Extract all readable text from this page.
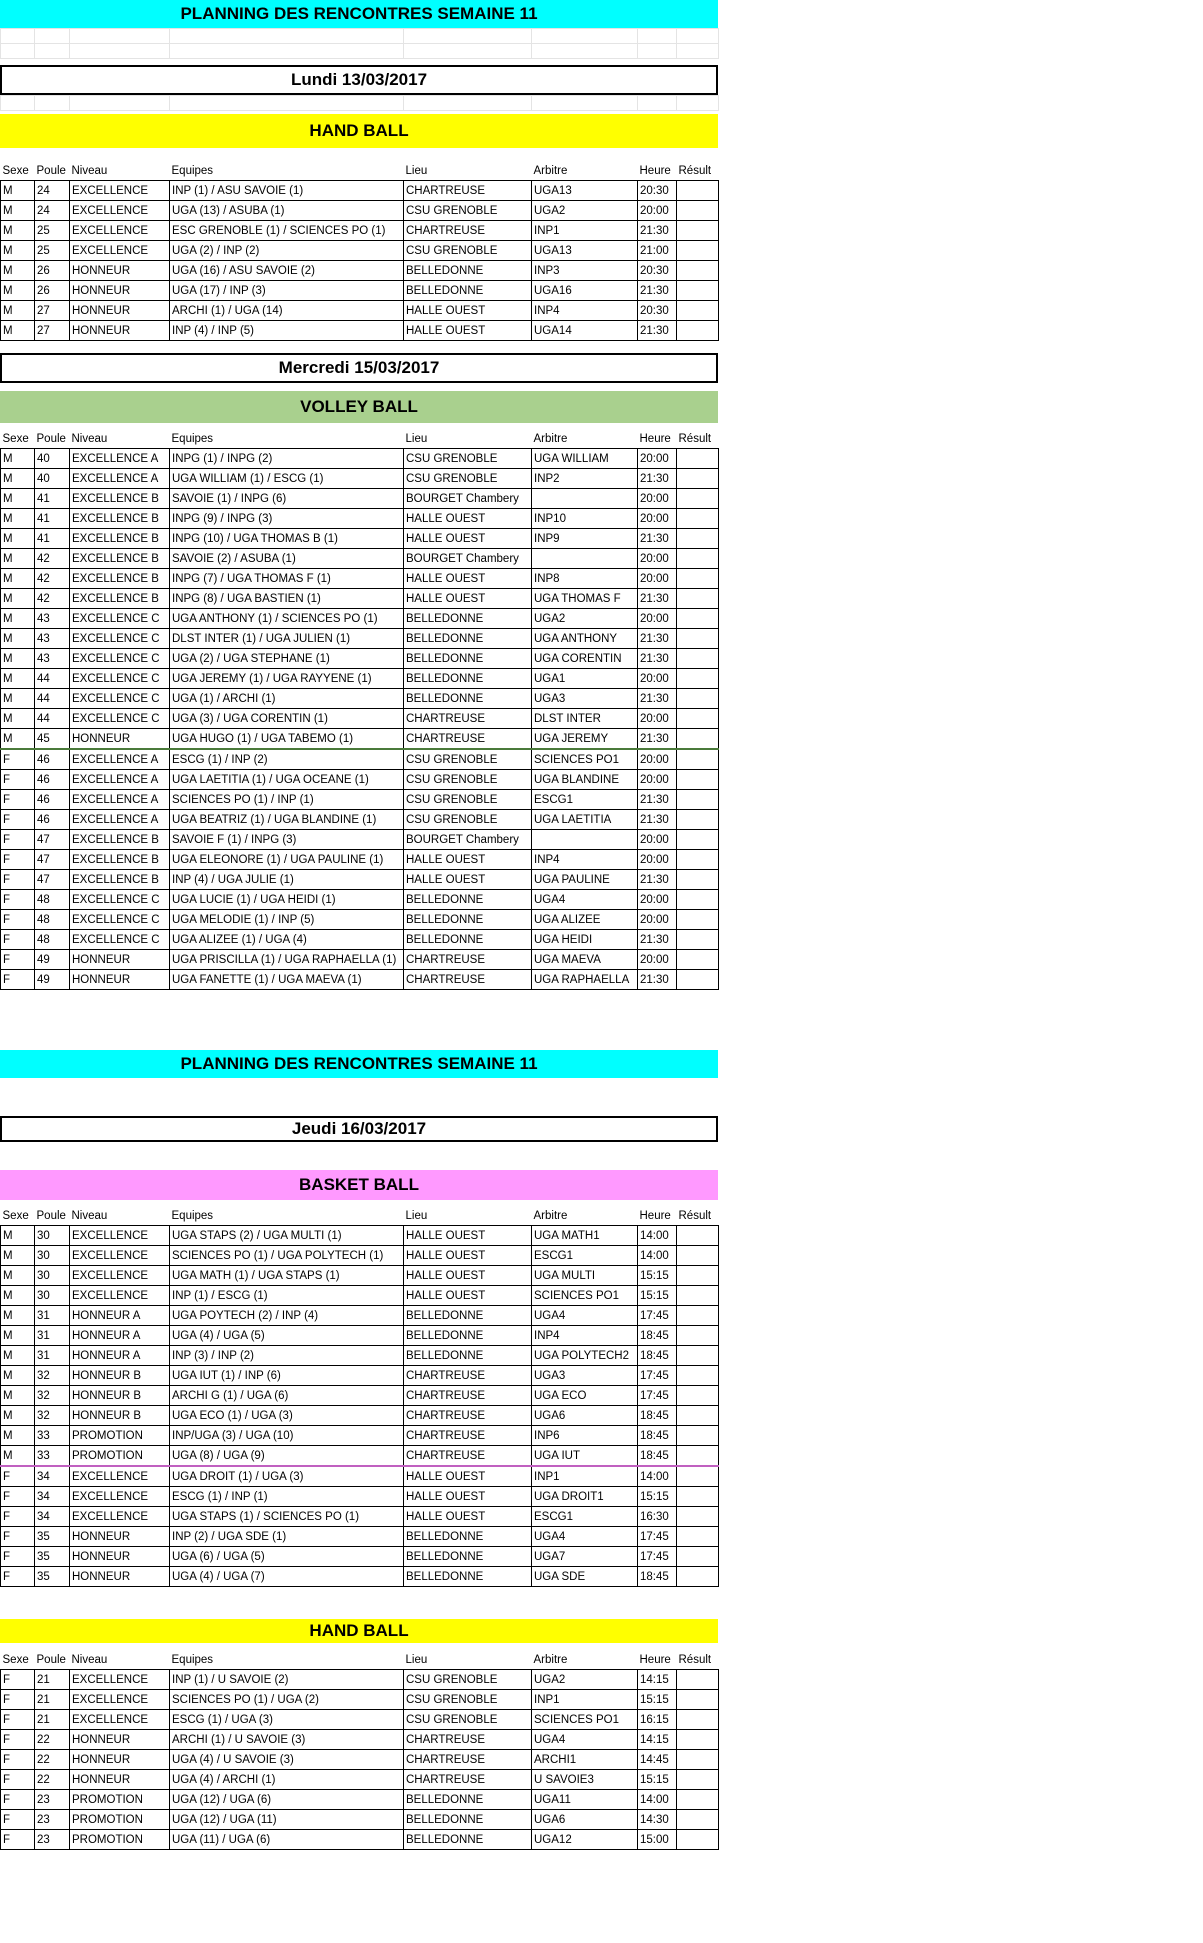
PLANNING DES RENCONTRES SEMAINE 11

Lundi 13/03/2017

HAND BALL
Sexe	Poule	Niveau	Equipes	Lieu	Arbitre	Heure	Résult
M	24	EXCELLENCE	INP (1) / ASU SAVOIE (1)	CHARTREUSE	UGA13	20:30	
M	24	EXCELLENCE	UGA (13) / ASUBA (1)	CSU GRENOBLE	UGA2	20:00	
M	25	EXCELLENCE	ESC GRENOBLE (1) / SCIENCES PO (1)	CHARTREUSE	INP1	21:30	
M	25	EXCELLENCE	UGA (2) / INP (2)	CSU GRENOBLE	UGA13	21:00	
M	26	HONNEUR	UGA (16) / ASU SAVOIE (2)	BELLEDONNE	INP3	20:30	
M	26	HONNEUR	UGA (17) / INP (3)	BELLEDONNE	UGA16	21:30	
M	27	HONNEUR	ARCHI (1) / UGA (14)	HALLE OUEST	INP4	20:30	
M	27	HONNEUR	INP (4) / INP (5)	HALLE OUEST	UGA14	21:30	
Mercredi 15/03/2017
VOLLEY BALL
Sexe	Poule	Niveau	Equipes	Lieu	Arbitre	Heure	Résult
M	40	EXCELLENCE A	INPG (1) / INPG (2)	CSU GRENOBLE	UGA WILLIAM	20:00	
M	40	EXCELLENCE A	UGA WILLIAM (1) / ESCG (1)	CSU GRENOBLE	INP2	21:30	
M	41	EXCELLENCE B	SAVOIE (1) / INPG (6)	BOURGET Chambery		20:00	
M	41	EXCELLENCE B	INPG (9) / INPG (3)	HALLE OUEST	INP10	20:00	
M	41	EXCELLENCE B	INPG (10) / UGA THOMAS B (1)	HALLE OUEST	INP9	21:30	
M	42	EXCELLENCE B	SAVOIE (2) / ASUBA (1)	BOURGET Chambery		20:00	
M	42	EXCELLENCE B	INPG (7) / UGA THOMAS F (1)	HALLE OUEST	INP8	20:00	
M	42	EXCELLENCE B	INPG (8) / UGA BASTIEN (1)	HALLE OUEST	UGA THOMAS F	21:30	
M	43	EXCELLENCE C	UGA ANTHONY (1) / SCIENCES PO (1)	BELLEDONNE	UGA2	20:00	
M	43	EXCELLENCE C	DLST INTER (1) / UGA JULIEN (1)	BELLEDONNE	UGA ANTHONY	21:30	
M	43	EXCELLENCE C	UGA (2) / UGA STEPHANE (1)	BELLEDONNE	UGA CORENTIN	21:30	
M	44	EXCELLENCE C	UGA JEREMY (1) / UGA RAYYENE (1)	BELLEDONNE	UGA1	20:00	
M	44	EXCELLENCE C	UGA (1) / ARCHI (1)	BELLEDONNE	UGA3	21:30	
M	44	EXCELLENCE C	UGA (3) / UGA CORENTIN (1)	CHARTREUSE	DLST INTER	20:00	
M	45	HONNEUR	UGA HUGO (1) / UGA TABEMO (1)	CHARTREUSE	UGA JEREMY	21:30	
F	46	EXCELLENCE A	ESCG (1) / INP (2)	CSU GRENOBLE	SCIENCES PO1	20:00	
F	46	EXCELLENCE A	UGA LAETITIA (1) / UGA OCEANE (1)	CSU GRENOBLE	UGA BLANDINE	20:00	
F	46	EXCELLENCE A	SCIENCES PO (1) / INP (1)	CSU GRENOBLE	ESCG1	21:30	
F	46	EXCELLENCE A	UGA BEATRIZ (1) / UGA BLANDINE (1)	CSU GRENOBLE	UGA LAETITIA	21:30	
F	47	EXCELLENCE B	SAVOIE F (1) / INPG (3)	BOURGET Chambery		20:00	
F	47	EXCELLENCE B	UGA ELEONORE (1) / UGA PAULINE (1)	HALLE OUEST	INP4	20:00	
F	47	EXCELLENCE B	INP (4) / UGA JULIE (1)	HALLE OUEST	UGA PAULINE	21:30	
F	48	EXCELLENCE C	UGA LUCIE (1) / UGA HEIDI (1)	BELLEDONNE	UGA4	20:00	
F	48	EXCELLENCE C	UGA MELODIE (1) / INP (5)	BELLEDONNE	UGA ALIZEE	20:00	
F	48	EXCELLENCE C	UGA ALIZEE (1) / UGA (4)	BELLEDONNE	UGA HEIDI	21:30	
F	49	HONNEUR	UGA PRISCILLA (1) / UGA RAPHAELLA (1)	CHARTREUSE	UGA MAEVA	20:00	
F	49	HONNEUR	UGA FANETTE (1) / UGA MAEVA (1)	CHARTREUSE	UGA RAPHAELLA	21:30	
PLANNING DES RENCONTRES SEMAINE 11
Jeudi 16/03/2017
BASKET BALL
Sexe	Poule	Niveau	Equipes	Lieu	Arbitre	Heure	Résult
M	30	EXCELLENCE	UGA STAPS (2) / UGA MULTI (1)	HALLE OUEST	UGA MATH1	14:00	
M	30	EXCELLENCE	SCIENCES PO (1) / UGA POLYTECH (1)	HALLE OUEST	ESCG1	14:00	
M	30	EXCELLENCE	UGA MATH (1) / UGA STAPS (1)	HALLE OUEST	UGA MULTI	15:15	
M	30	EXCELLENCE	INP (1) / ESCG (1)	HALLE OUEST	SCIENCES PO1	15:15	
M	31	HONNEUR A	UGA POYTECH (2) / INP (4)	BELLEDONNE	UGA4	17:45	
M	31	HONNEUR A	UGA (4) / UGA (5)	BELLEDONNE	INP4	18:45	
M	31	HONNEUR A	INP (3) / INP (2)	BELLEDONNE	UGA POLYTECH2	18:45	
M	32	HONNEUR B	UGA IUT (1) / INP (6)	CHARTREUSE	UGA3	17:45	
M	32	HONNEUR B	ARCHI G (1) / UGA (6)	CHARTREUSE	UGA ECO	17:45	
M	32	HONNEUR B	UGA ECO (1) / UGA (3)	CHARTREUSE	UGA6	18:45	
M	33	PROMOTION	INP/UGA (3) / UGA (10)	CHARTREUSE	INP6	18:45	
M	33	PROMOTION	UGA (8) / UGA (9)	CHARTREUSE	UGA IUT	18:45	
F	34	EXCELLENCE	UGA DROIT (1) / UGA (3)	HALLE OUEST	INP1	14:00	
F	34	EXCELLENCE	ESCG (1) / INP (1)	HALLE OUEST	UGA DROIT1	15:15	
F	34	EXCELLENCE	UGA STAPS (1) / SCIENCES PO (1)	HALLE OUEST	ESCG1	16:30	
F	35	HONNEUR	INP (2) / UGA SDE (1)	BELLEDONNE	UGA4	17:45	
F	35	HONNEUR	UGA (6) / UGA (5)	BELLEDONNE	UGA7	17:45	
F	35	HONNEUR	UGA (4) / UGA (7)	BELLEDONNE	UGA SDE	18:45	
HAND BALL
Sexe	Poule	Niveau	Equipes	Lieu	Arbitre	Heure	Résult
F	21	EXCELLENCE	INP (1) / U SAVOIE (2)	CSU GRENOBLE	UGA2	14:15	
F	21	EXCELLENCE	SCIENCES PO (1) / UGA (2)	CSU GRENOBLE	INP1	15:15	
F	21	EXCELLENCE	ESCG (1) / UGA (3)	CSU GRENOBLE	SCIENCES PO1	16:15	
F	22	HONNEUR	ARCHI (1) / U SAVOIE (3)	CHARTREUSE	UGA4	14:15	
F	22	HONNEUR	UGA (4) / U SAVOIE (3)	CHARTREUSE	ARCHI1	14:45	
F	22	HONNEUR	UGA (4) / ARCHI (1)	CHARTREUSE	U SAVOIE3	15:15	
F	23	PROMOTION	UGA (12) / UGA (6)	BELLEDONNE	UGA11	14:00	
F	23	PROMOTION	UGA (12) / UGA (11)	BELLEDONNE	UGA6	14:30	
F	23	PROMOTION	UGA (11) / UGA (6)	BELLEDONNE	UGA12	15:00	
